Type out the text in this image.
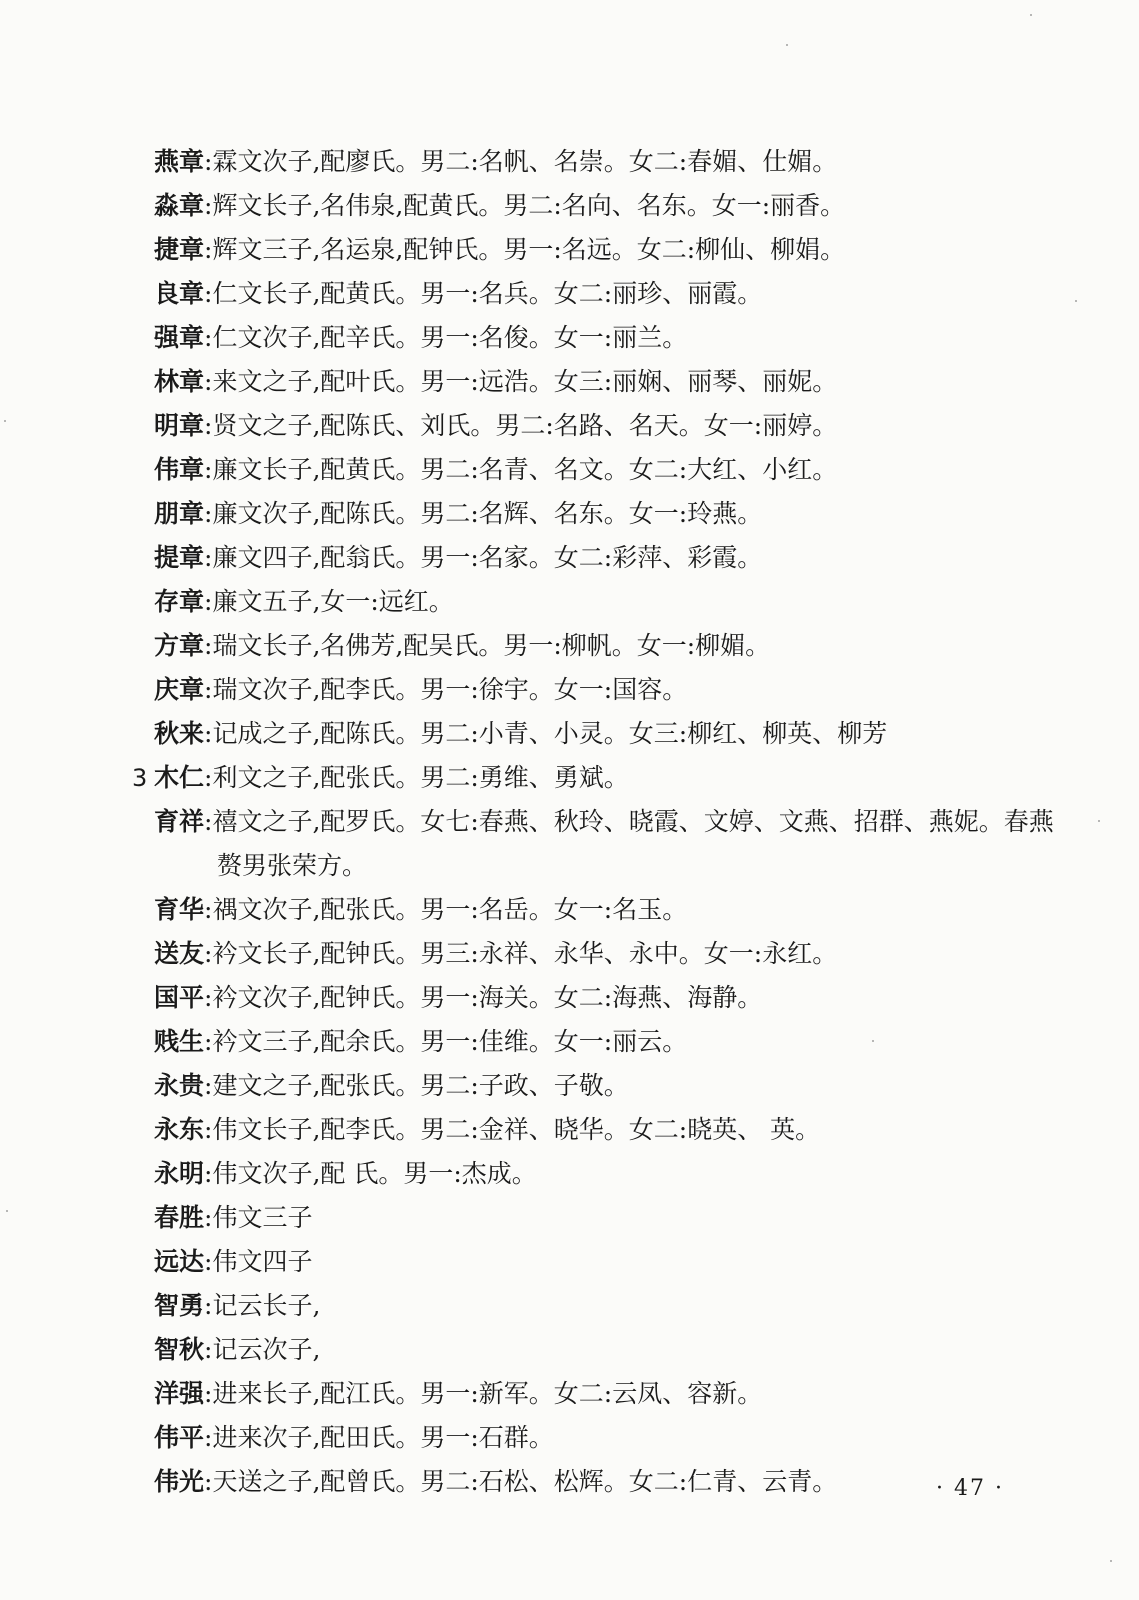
燕章:霖文次子,配廖氏。男二:名帆、名崇。女二:春媚、仕媚。
淼章:辉文长子,名伟泉,配黄氏。男二:名向、名东。女一:丽香。
捷章:辉文三子,名运泉,配钟氏。男一:名远。女二:柳仙、柳娟。
良章:仁文长子,配黄氏。男一:名兵。女二:丽珍、丽霞。
强章:仁文次子,配辛氏。男一:名俊。女一:丽兰。
林章:来文之子,配叶氏。男一:远浩。女三:丽娴、丽琴、丽妮。
明章:贤文之子,配陈氏、刘氏。男二:名路、名天。女一:丽婷。
伟章:廉文长子,配黄氏。男二:名青、名文。女二:大红、小红。
朋章:廉文次子,配陈氏。男二:名辉、名东。女一:玲燕。
提章:廉文四子,配翁氏。男一:名家。女二:彩萍、彩霞。
存章:廉文五子,女一:远红。
方章:瑞文长子,名佛芳,配吴氏。男一:柳帆。女一:柳媚。
庆章:瑞文次子,配李氏。男一:徐宇。女一:国容。
秋来:记成之子,配陈氏。男二:小青、小灵。女三:柳红、柳英、柳芳
3 木仁:利文之子,配张氏。男二:勇维、勇斌。
育祥:禧文之子,配罗氏。女七:春燕、秋玲、晓霞、文婷、文燕、招群、燕妮。春燕
赘男张荣方。
育华:禑文次子,配张氏。男一:名岳。女一:名玉。
送友:衿文长子,配钟氏。男三:永祥、永华、永中。女一:永红。
国平:衿文次子,配钟氏。男一:海关。女二:海燕、海静。
贱生:衿文三子,配余氏。男一:佳维。女一:丽云。
永贵:建文之子,配张氏。男二:子政、子敬。
永东:伟文长子,配李氏。男二:金祥、晓华。女二:晓英、 英。
永明:伟文次子,配 氏。男一:杰成。
春胜:伟文三子
远达:伟文四子
智勇:记云长子,
智秋:记云次子,
洋强:进来长子,配江氏。男一:新军。女二:云凤、容新。
伟平:进来次子,配田氏。男一:石群。
伟光:天送之子,配曾氏。男二:石松、松辉。女二:仁青、云青。	· 47 ·
